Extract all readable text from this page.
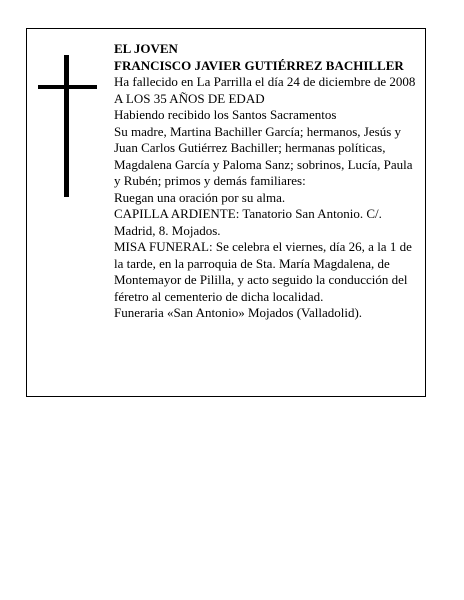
EL JOVEN

FRANCISCO JAVIER GUTIÉRREZ BACHILLER

Ha fallecido en La Parrilla el día 24 de diciembre de 2008

A LOS 35 AÑOS DE EDAD

Habiendo recibido los Santos Sacramentos

Su madre, Martina Bachiller García; hermanos, Jesús y Juan Carlos Gutiérrez Bachiller; hermanas políticas, Magdalena García y Paloma Sanz; sobrinos, Lucía, Paula y Rubén; primos y demás familiares:

Ruegan una oración por su alma.

CAPILLA ARDIENTE: Tanatorio San Antonio. C/. Madrid, 8. Mojados.

MISA FUNERAL: Se celebra el viernes, día 26, a la 1 de la tarde, en la parroquia de Sta. María Magdalena, de Montemayor de Pililla, y acto seguido la conducción del féretro al cementerio de dicha localidad.

Funeraria «San Antonio» Mojados (Valladolid).
